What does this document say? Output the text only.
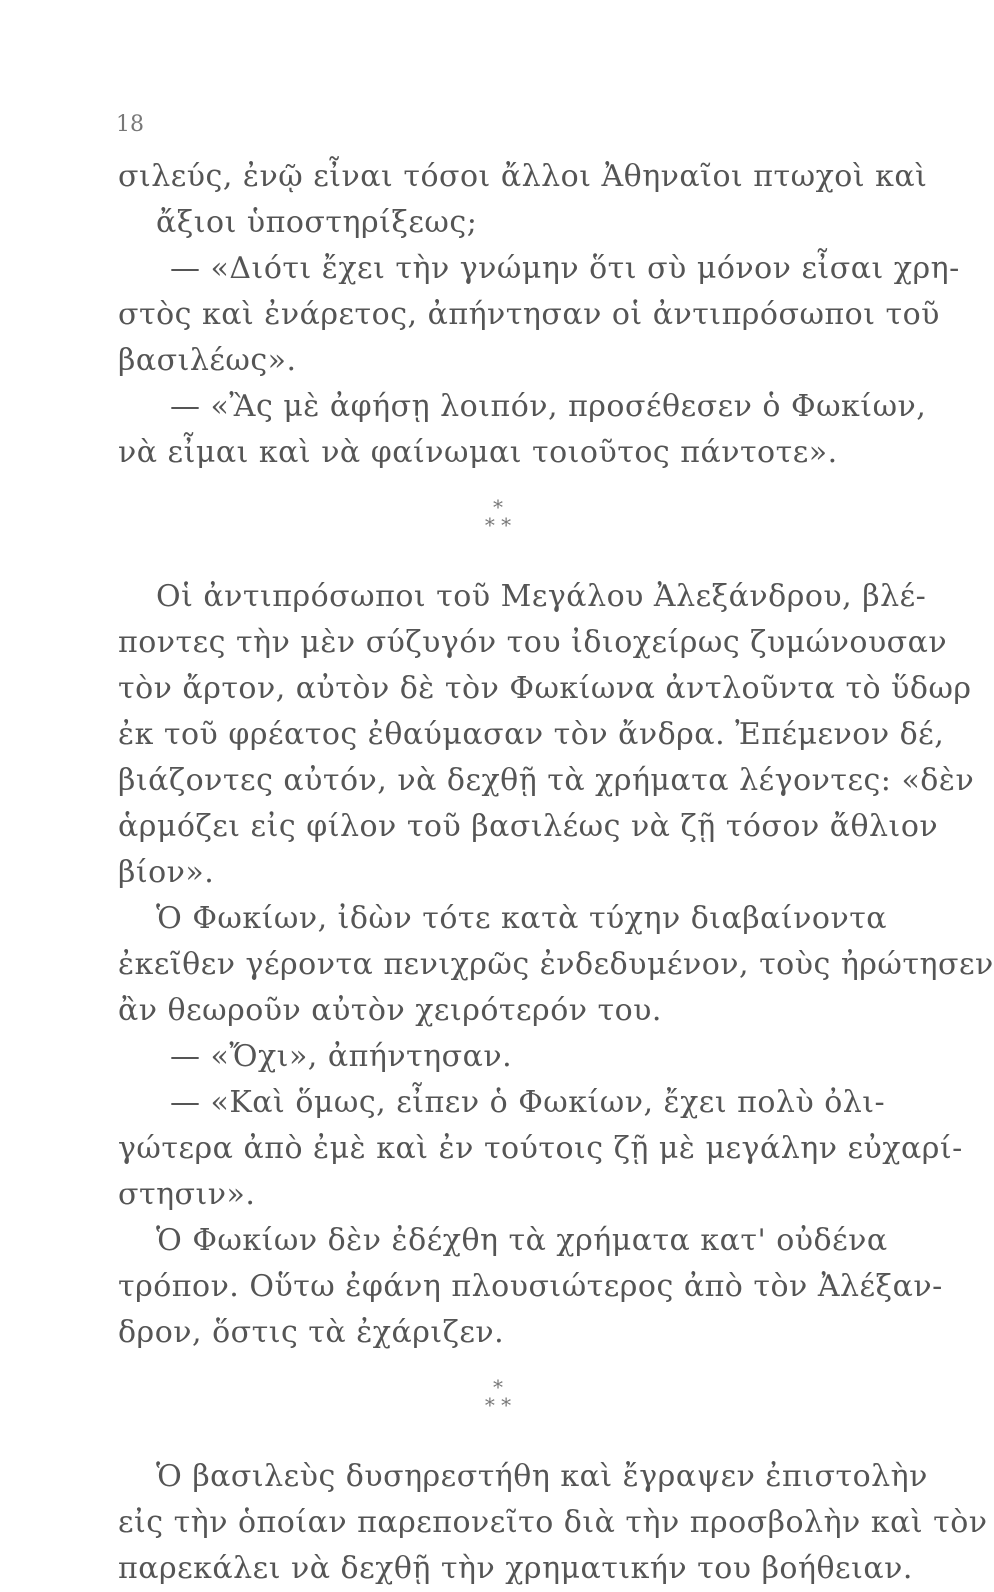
18
σιλεύς, ἐνῷ εἶναι τόσοι ἄλλοι Ἀθηναῖοι πτωχοὶ καὶ
ἄξιοι ὑποστηρίξεως;
— «Διότι ἔχει τὴν γνώμην ὅτι σὺ μόνον εἶσαι χρη-
στὸς καὶ ἐνάρετος, ἀπήντησαν οἱ ἀντιπρόσωποι τοῦ
βασιλέως».
— «Ἂς μὲ ἀφήσῃ λοιπόν, προσέθεσεν ὁ Φωκίων,
νὰ εἶμαι καὶ νὰ φαίνωμαι τοιοῦτος πάντοτε».
*
* *
Οἱ ἀντιπρόσωποι τοῦ Μεγάλου Ἀλεξάνδρου, βλέ-
ποντες τὴν μὲν σύζυγόν του ἰδιοχείρως ζυμώνουσαν
τὸν ἄρτον, αὐτὸν δὲ τὸν Φωκίωνα ἀντλοῦντα τὸ ὕδωρ
ἐκ τοῦ φρέατος ἐθαύμασαν τὸν ἄνδρα. Ἐπέμενον δέ,
βιάζοντες αὐτόν, νὰ δεχθῇ τὰ χρήματα λέγοντες: «δὲν
ἁρμόζει εἰς φίλον τοῦ βασιλέως νὰ ζῇ τόσον ἄθλιον
βίον».
Ὁ Φωκίων, ἰδὼν τότε κατὰ τύχην διαβαίνοντα
ἐκεῖθεν γέροντα πενιχρῶς ἐνδεδυμένον, τοὺς ἠρώτησεν
ἂν θεωροῦν αὐτὸν χειρότερόν του.
— «Ὄχι», ἀπήντησαν.
— «Καὶ ὅμως, εἶπεν ὁ Φωκίων, ἔχει πολὺ ὀλι-
γώτερα ἀπὸ ἐμὲ καὶ ἐν τούτοις ζῇ μὲ μεγάλην εὐχαρί-
στησιν».
Ὁ Φωκίων δὲν ἐδέχθη τὰ χρήματα κατ' οὐδένα
τρόπον. Οὕτω ἐφάνη πλουσιώτερος ἀπὸ τὸν Ἀλέξαν-
δρον, ὅστις τὰ ἐχάριζεν.
*
* *
Ὁ βασιλεὺς δυσηρεστήθη καὶ ἔγραψεν ἐπιστολὴν
εἰς τὴν ὁποίαν παρεπονεῖτο διὰ τὴν προσβολὴν καὶ τὸν
παρεκάλει νὰ δεχθῇ τὴν χρηματικήν του βοήθειαν.
